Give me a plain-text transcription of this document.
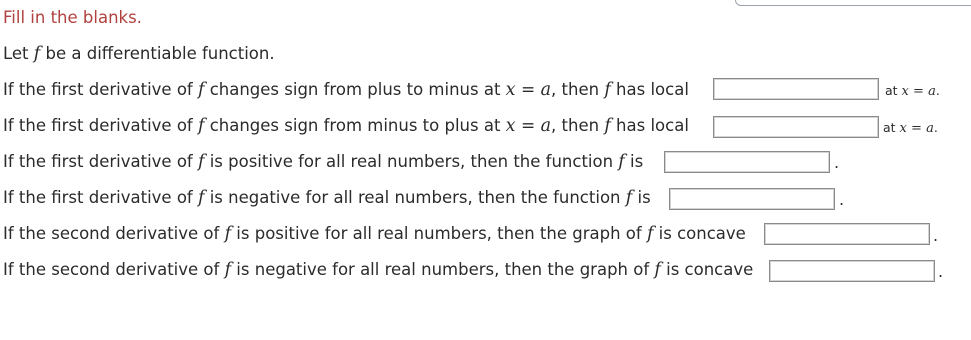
Fill in the blanks.
Let f be a differentiable function.
If the first derivative of f changes sign from plus to minus at x = a, then f has local	at x = a.
If the first derivative of f changes sign from minus to plus at x = a, then f has local	at x = a.
If the first derivative of f is positive for all real numbers, then the function f is	.
If the first derivative of f is negative for all real numbers, then the function f is	.
If the second derivative of f is positive for all real numbers, then the graph of f is concave	.
If the second derivative of f is negative for all real numbers, then the graph of f is concave	.
